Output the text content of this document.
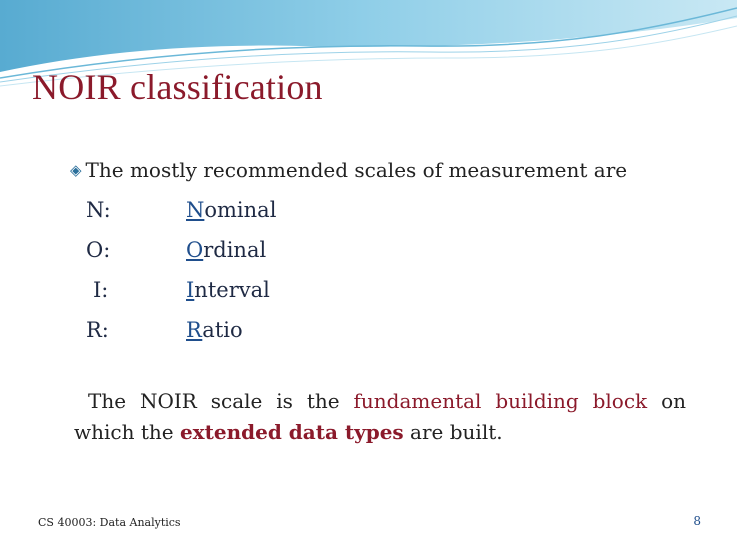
NOIR classification
◈ The mostly recommended scales of measurement are
N:	Nominal
O:	Ordinal
I:	Interval
R:	Ratio
The NOIR scale is the fundamental building block on which the extended data types are built.
CS 40003: Data Analytics	8
